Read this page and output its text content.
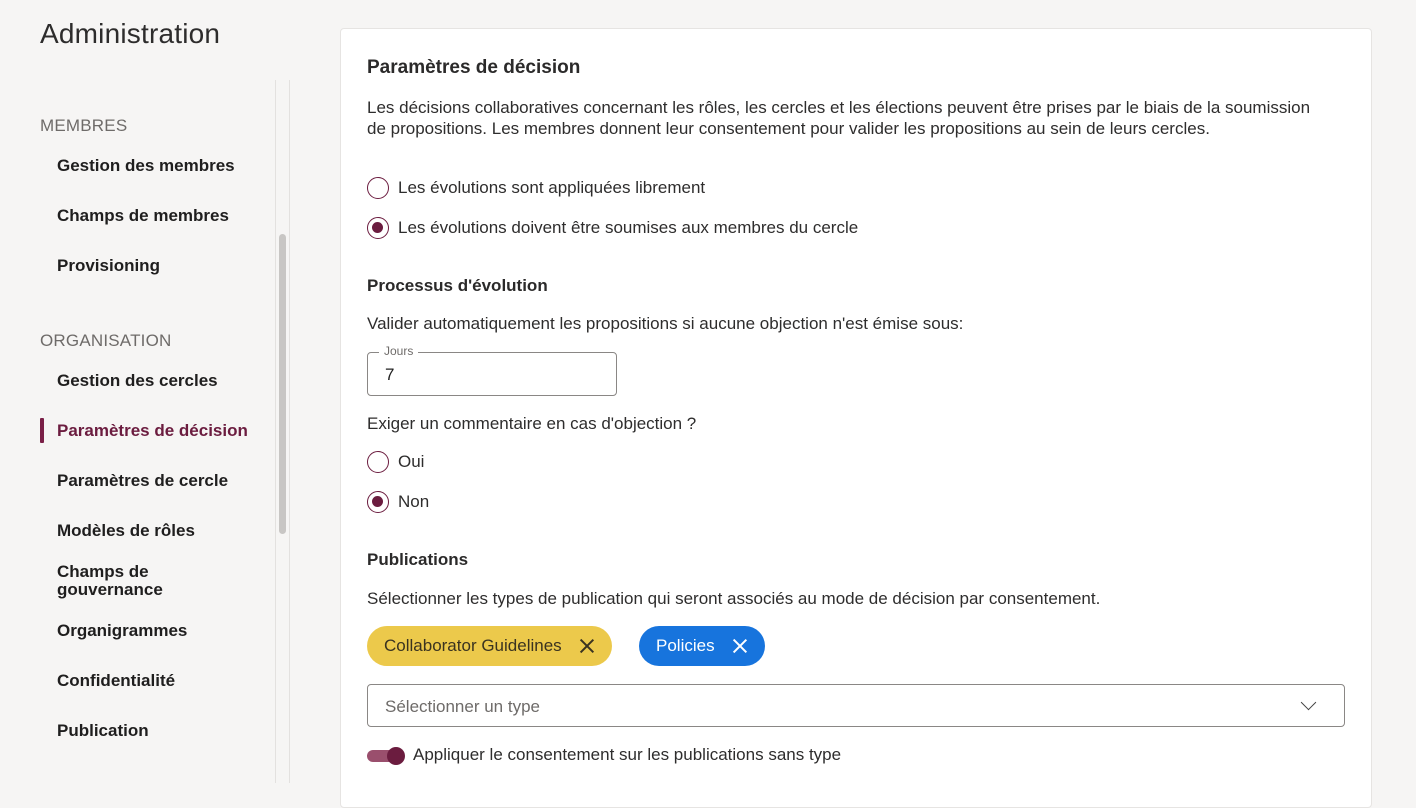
Administration
MEMBRES
Gestion des membres
Champs de membres
Provisioning
ORGANISATION
Gestion des cercles
Paramètres de décision
Paramètres de cercle
Modèles de rôles
Champs de gouvernance
Organigrammes
Confidentialité
Publication
Paramètres de décision
Les décisions collaboratives concernant les rôles, les cercles et les élections peuvent être prises par le biais de la soumission de propositions. Les membres donnent leur consentement pour valider les propositions au sein de leurs cercles.
Les évolutions sont appliquées librement
Les évolutions doivent être soumises aux membres du cercle
Processus d'évolution
Valider automatiquement les propositions si aucune objection n'est émise sous:
Jours
7
Exiger un commentaire en cas d'objection ?
Oui
Non
Publications
Sélectionner les types de publication qui seront associés au mode de décision par consentement.
Collaborator Guidelines	Policies
Sélectionner un type
Appliquer le consentement sur les publications sans type
